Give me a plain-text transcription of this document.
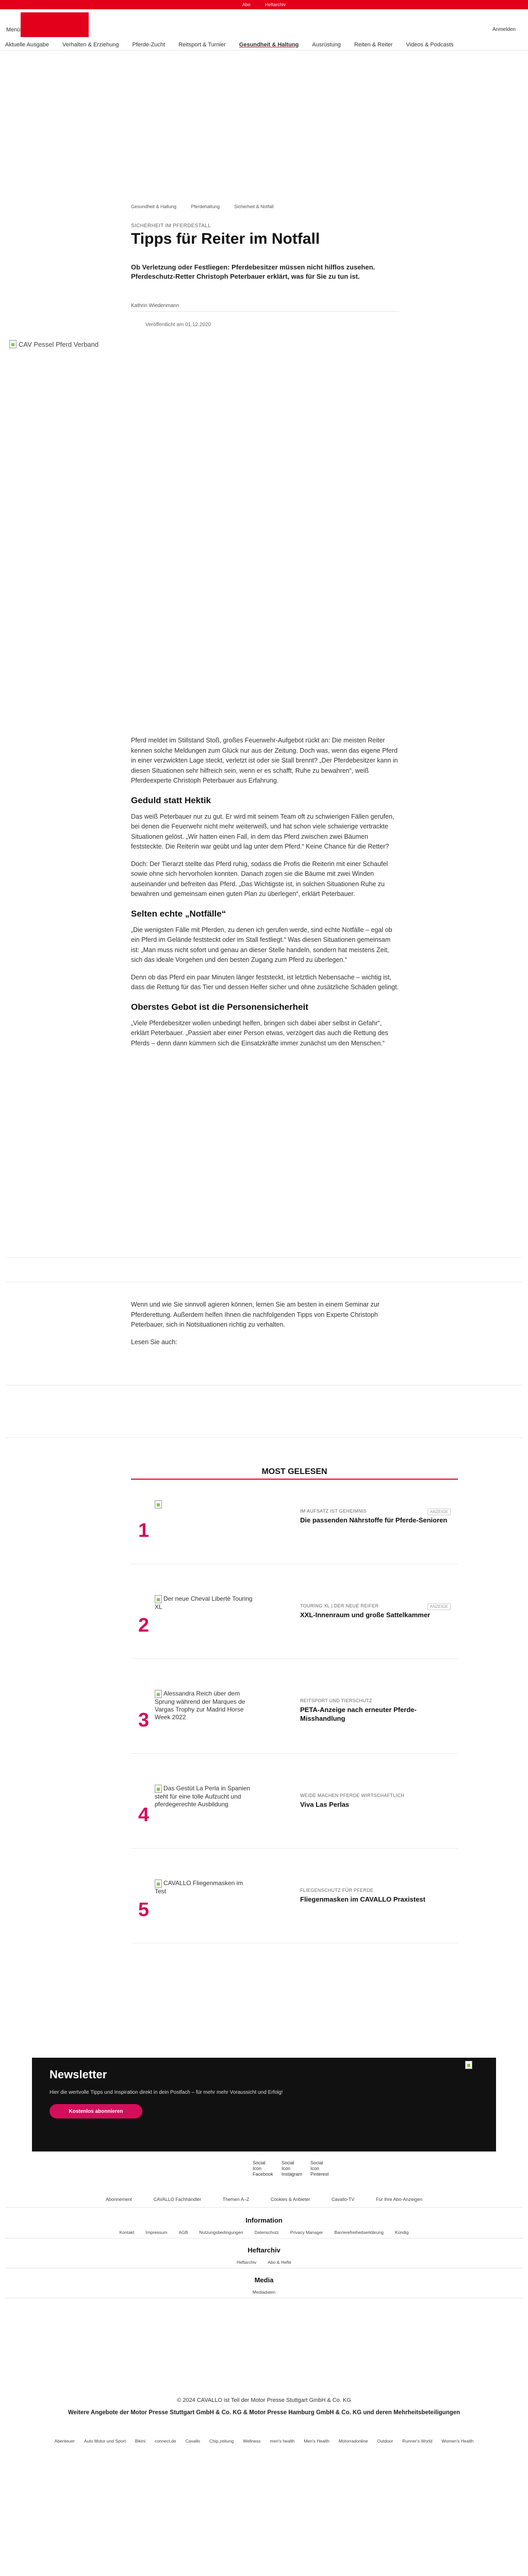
Abo	Heftarchiv
Menü	Anmelden
Aktuelle Ausgabe Verhalten & Erziehung Pferde-Zucht Reitsport & Turnier Gesundheit & Haltung Ausrüstung Reiten & Reiter Videos & Podcasts
Gesundheit & Haltung	Pferdehaltung	Sicherheit & Notfall
SICHERHEIT IM PFERDESTALL
Tipps für Reiter im Notfall
Ob Verletzung oder Festliegen: Pferdebesitzer müssen nicht hilflos zusehen. Pferdeschutz-Retter Christoph Peterbauer erklärt, was für Sie zu tun ist.
Kathrin Wiedenmann
Veröffentlicht am 01.12.2020
CAV Pessel Pferd Verband

Pferd meldet im Stillstand Stoß, großes Feuerwehr-Aufgebot rückt an: Die meisten Reiter kennen solche Meldungen zum Glück nur aus der Zeitung. Doch was, wenn das eigene Pferd in einer verzwickten Lage steckt, verletzt ist oder sie Stall brennt? „Der Pferdebesitzer kann in diesen Situationen sehr hilfreich sein, wenn er es schafft, Ruhe zu bewahren“, weiß Pferdeexperte Christoph Peterbauer aus Erfahrung.

Geduld statt Hektik

Das weiß Peterbauer nur zu gut. Er wird mit seinem Team oft zu schwierigen Fällen gerufen, bei denen die Feuerwehr nicht mehr weiterweiß, und hat schon viele schwierige vertrackte Situationen gelöst. „Wir hatten einen Fall, in dem das Pferd zwischen zwei Bäumen feststeckte. Die Reiterin war geübt und lag unter dem Pferd.“ Keine Chance für die Retter?

Doch: Der Tierarzt stellte das Pferd ruhig, sodass die Profis die Reiterin mit einer Schaufel sowie ohne sich hervorholen konnten. Danach zogen sie die Bäume mit zwei Winden auseinander und befreiten das Pferd. „Das Wichtigste ist, in solchen Situationen Ruhe zu bewahren und gemeinsam einen guten Plan zu überlegen“, erklärt Peterbauer.

Selten echte „Notfälle“

„Die wenigsten Fälle mit Pferden, zu denen ich gerufen werde, sind echte Notfälle – egal ob ein Pferd im Gelände feststeckt oder im Stall festliegt.“ Was diesen Situationen gemeinsam ist: „Man muss nicht sofort und genau an dieser Stelle handeln, sondern hat meistens Zeit, sich das ideale Vorgehen und den besten Zugang zum Pferd zu überlegen.“

Denn ob das Pferd ein paar Minuten länger feststeckt, ist letztlich Nebensache – wichtig ist, dass die Rettung für das Tier und dessen Helfer sicher und ohne zusätzliche Schäden gelingt.

Oberstes Gebot ist die Personensicherheit

„Viele Pferdebesitzer wollen unbedingt helfen, bringen sich dabei aber selbst in Gefahr“, erklärt Peterbauer. „Passiert aber einer Person etwas, verzögert das auch die Rettung des Pferds – denn dann kümmern sich die Einsatzkräfte immer zunächst um den Menschen.“

Wenn und wie Sie sinnvoll agieren können, lernen Sie am besten in einem Seminar zur Pferderettung. Außerdem helfen Ihnen die nachfolgenden Tipps von Experte Christoph Peterbauer, sich in Notsituationen richtig zu verhalten.

Lesen Sie auch:

MOST GELESEN
1
IM AUFSATZ IST GEHEIMNIS	ANZEIGE
Die passenden Nährstoffe für Pferde-Senioren
2
Der neue Cheval Liberté Touring XL	TOURING XL | DER NEUE REIFER	ANZEIGE
XXL-Innenraum und große Sattelkammer
3
Alessandra Reich über dem Sprung während der Marques de Vargas Trophy zur Madrid Horse Week 2022
REITSPORT UND TIERSCHUTZ
PETA-Anzeige nach erneuter Pferde-Misshandlung
4
Das Gestüt La Perla in Spanien steht für eine tolle Aufzucht und pferdegerechte Ausbildung
WEIDE MACHEN PFERDE WIRTSCHAFTLICH
Viva Las Perlas
5
CAVALLO Fliegenmasken im Test	FLIEGENSCHUTZ FÜR PFERDE
Fliegenmasken im CAVALLO Praxistest
Newsletter
Hier die wertvolle Tipps und Inspiration direkt in dein Postfach – für mehr mehr Voraussicht und Erfolg!
Kostenlos abonnieren
Social Icon Facebook
Social Icon Instagram
Social Icon Pinterest
Abonnement	CAVALLO Fachhändler	Themen A–Z	Cookies & Anbieter	Cavallo-TV	Für Ihre Abo-Anzeigen
Information
Kontakt	Impressum	AGB	Nutzungsbedingungen	Datenschutz	Privacy Manager	Barrierefreiheitserklärung	Kündig
Heftarchiv
Heftarchiv	Abo & Hefte
Media
Mediadaten
© 2024 CAVALLO ist Teil der Motor Presse Stuttgart GmbH & Co. KG
Weitere Angebote der Motor Presse Stuttgart GmbH & Co. KG & Motor Presse Hamburg GmbH & Co. KG und deren Mehrheitsbeteiligungen
Abenteuer Auto Motor und Sport Bikini connect.de Cavallo Chip.zeitung Wellness men's health Men's Health Motorradonline Outdoor Runner's World Women's Health
